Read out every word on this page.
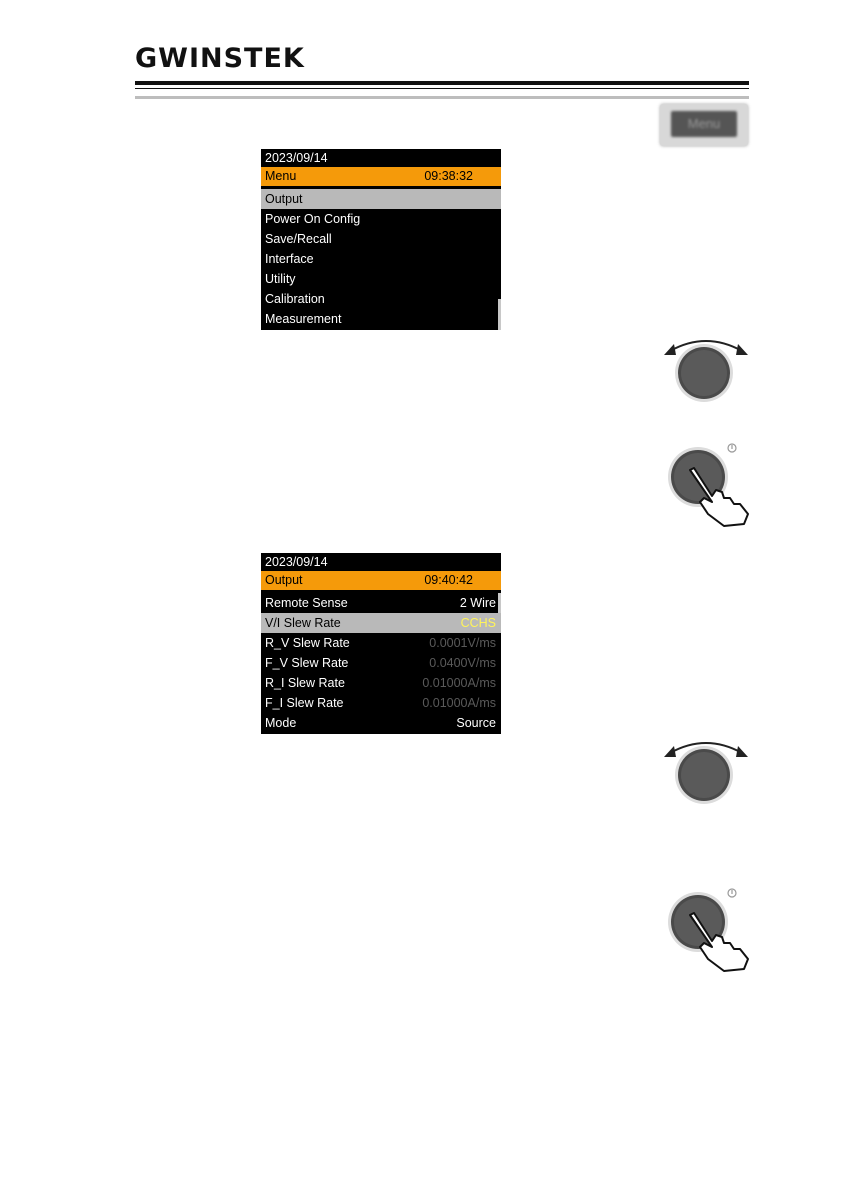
GWINSTEK
Menu
2023/09/14
Menu	09:38:32
Output
Power On Config
Save/Recall
Interface
Utility
Calibration
Measurement
2023/09/14
Output	09:40:42
Remote Sense	2 Wire
V/I Slew Rate	CCHS
R_V Slew Rate	0.0001V/ms
F_V Slew Rate	0.0400V/ms
R_I Slew Rate	0.01000A/ms
F_I Slew Rate	0.01000A/ms
Mode	Source
